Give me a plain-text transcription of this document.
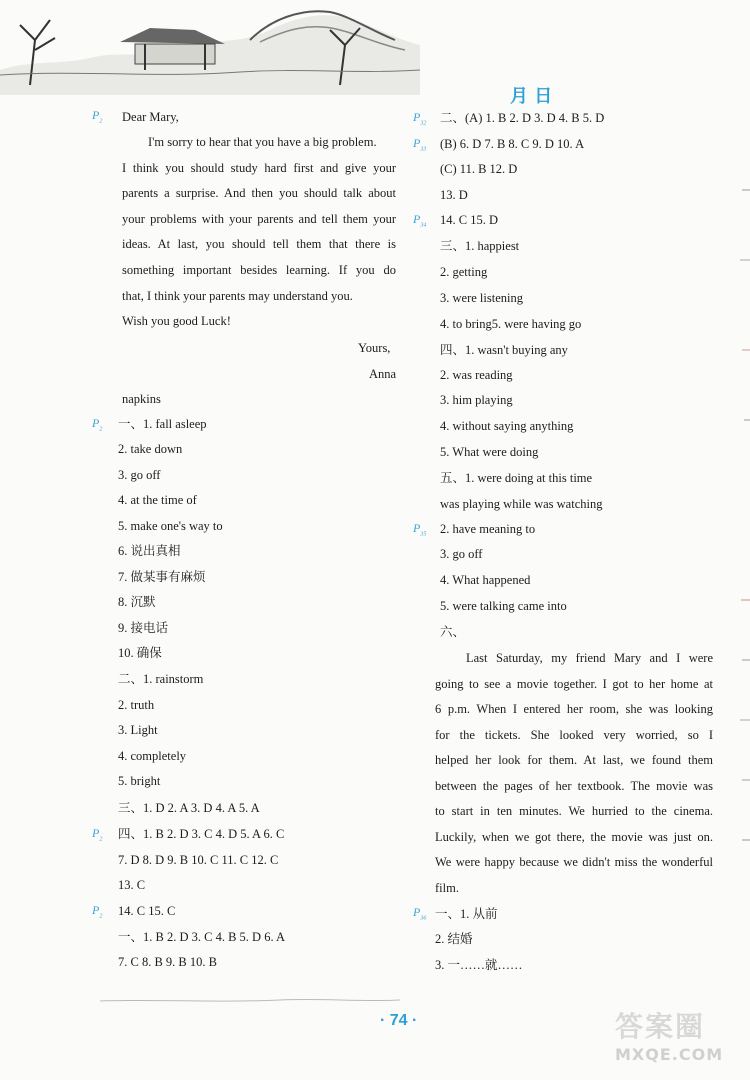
月 日
$P_2$
$P_2$
$P_2$
$P_2$
$P_{32}$
$P_{33}$
$P_{34}$
$P_{35}$
$P_{36}$
Dear Mary,
I'm sorry to hear that you have a big problem.
I think you should study hard first and give your
parents a surprise. And then you should talk about
your problems with your parents and tell them your
ideas. At last, you should tell them that there is
something important besides learning. If you do
that, I think your parents may understand you.
Wish you good Luck!
Yours,
Anna
napkins
一、1. fall asleep
2. take down
3. go off
4. at the time of
5. make one's way to
6. 说出真相
7. 做某事有麻烦
8. 沉默
9. 接电话
10. 确保
二、1. rainstorm
2. truth
3. Light
4. completely
5. bright
三、1. D 2. A 3. D 4. A 5. A
四、1. B 2. D 3. C 4. D 5. A 6. C
7. D 8. D 9. B 10. C 11. C 12. C
13. C
14. C 15. C
一、1. B 2. D 3. C 4. B 5. D 6. A
7. C 8. B 9. B 10. B
二、(A) 1. B 2. D 3. D 4. B 5. D
(B) 6. D 7. B 8. C 9. D 10. A
(C) 11. B 12. D
13. D
14. C 15. D
三、1. happiest
2. getting
3. were listening
4. to bring5. were having go
四、1. wasn't buying any
2. was reading
3. him playing
4. without saying anything
5. What were doing
五、1. were doing at this time
was playing while was watching
2. have meaning to
3. go off
4. What happened
5. were talking came into
六、
Last Saturday, my friend Mary and I were
going to see a movie together. I got to her home at
6 p.m. When I entered her room, she was looking
for the tickets. She looked very worried, so I
helped her look for them. At last, we found them
between the pages of her textbook. The movie was
to start in ten minutes. We hurried to the cinema.
Luckily, when we got there, the movie was just on.
We were happy because we didn't miss the wonderful
film.
一、1. 从前
2. 结婚
3. 一……就……
· 74 ·	答案圈
MXQE.COM
